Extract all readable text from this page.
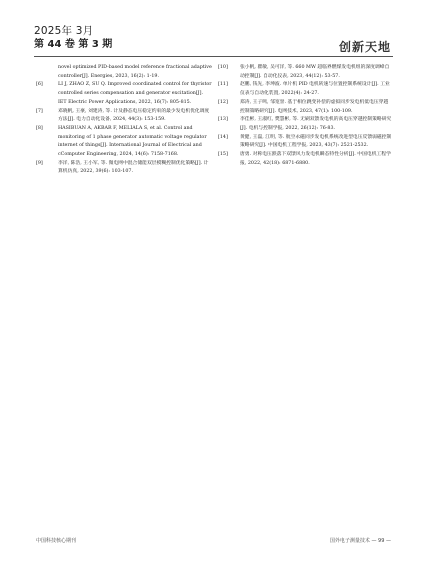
2025年 3月
第 44 卷 第 3 期	创新天地

novel optimized PID-based model reference fractional adaptive controller[J]. Energies, 2023, 16(2): 1-19.

[6]	LI J, ZHAO Z, SU Q. Improved coordinated control for thyristor controlled series compensation and generator excitation[J]. IET Electric Power Applications, 2022, 16(7): 805-815.

[7]	邓晓帆, 王豪, 刘建涛, 等. 计及静态电压稳定约束的最少发电机优化调度方法[J]. 电力自动化设备, 2024, 44(3): 153-159.

[8]	HASIBUAN A, AKBAR F, MELIALA S, et al. Control and monitoring of 1 phase generator automatic voltage regulator internet of things[J]. International Journal of Electrical and cComputer Engineering, 2024, 14(6): 7158-7168.

[9]	李洋, 陈浩, 王小军, 等. 微电网中混合储能双层模糊控制优化策略[J]. 计算机仿真, 2022, 39(6): 103-107.

[10]	张小帆, 瞿敏, 吴可洋, 等. 660 MW 超临界燃煤发电机组的深度调峰自动控制[J]. 自动化仪表, 2023, 44(12): 53-57.

[11]	赵鹏, 钱先, 李坤波. 单片机 PID 电机转速与位置控制系统设计[J]. 工业仪表与自动化装置, 2022(4): 24-27.

[12]	郑涛, 王子鸣, 邹宽誉. 基于相位跳变补偿的虚拟同步发电机低电压穿越控制策略研究[J]. 电网技术, 2023, 47(1): 100-109.

[13]	李佳彬, 王淑红, 樊慧彬, 等. 无刷双馈发电机的高电压穿越控制策略研究[J]. 电机与控制学报, 2022, 26(12): 76-83.

[14]	黄健, 王磊, 江明, 等. 航空永磁同步发电机系统改进型电压反馈弱磁控制策略研究[J]. 中国电机工程学报, 2023, 43(7): 2521-2532.

[15]	唐勇. 对称电压跌落下双馈风力发电机瞬态特性分析[J]. 中国电机工程学报, 2022, 42(18): 6871-6880.

中国科技核心期刊	国外电子测量技术 — 99 —
